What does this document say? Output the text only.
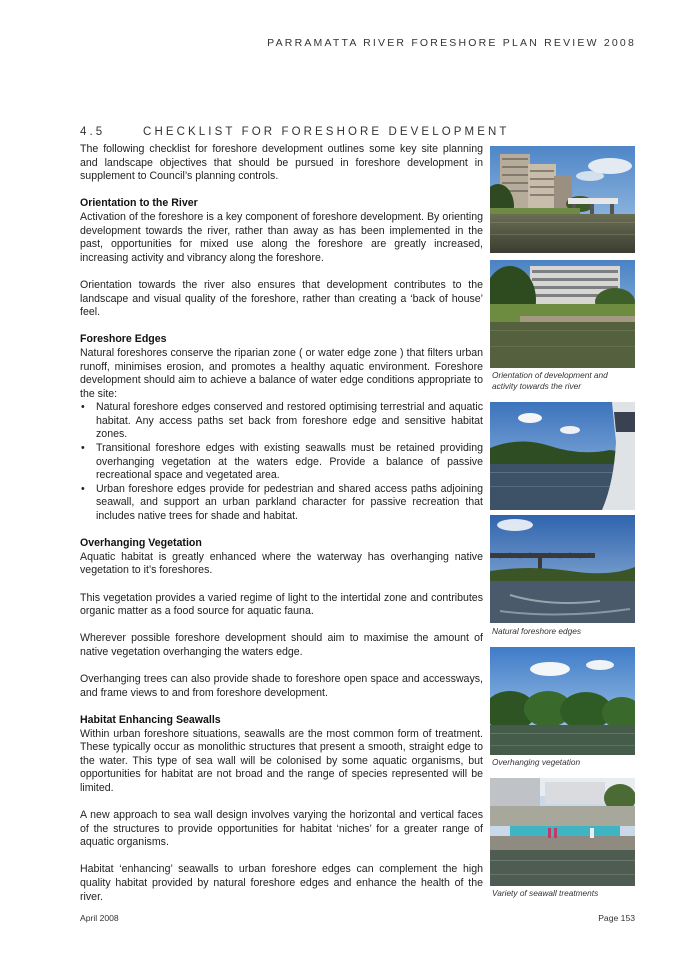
PARRAMATTA RIVER FORESHORE PLAN REVIEW 2008
4.5      CHECKLIST FOR FORESHORE DEVELOPMENT

The following checklist for foreshore development outlines some key site planning and landscape objectives that should be pursued in foreshore development in supplement to Council’s planning controls.

Orientation to the River

Activation of the foreshore is a key component of foreshore development. By orienting development towards the river, rather than away as has been implemented in the past, opportunities for mixed use along the foreshore are greatly increased, increasing activity and vibrancy along the foreshore.

Orientation towards the river also ensures that development contributes to the landscape and visual quality of the foreshore, rather than creating a ‘back of house’ feel.

Foreshore Edges

Natural foreshores conserve the riparian zone ( or water edge zone ) that filters urban runoff, minimises erosion, and promotes a healthy aquatic environment. Foreshore development should aim to achieve a balance of water edge conditions appropriate to the site:

• Natural foreshore edges conserved and restored optimising terrestrial and aquatic habitat. Any access paths set back from foreshore edge and sensitive habitat zones.
• Transitional foreshore edges with existing seawalls must be retained providing overhanging vegetation at the waters edge. Provide a balance of passive recreational space and vegetated area.
• Urban foreshore edges provide for pedestrian and shared access paths adjoining seawall, and support an urban parkland character for passive recreation that includes native trees for shade and habitat.
Overhanging Vegetation

Aquatic habitat is greatly enhanced where the waterway has overhanging native vegetation to it’s foreshores.

This vegetation provides a varied regime of light to the intertidal zone and contributes organic matter as a food source for aquatic fauna.

Wherever possible foreshore development should aim to maximise the amount of native vegetation overhanging the waters edge.

Overhanging trees can also provide shade to foreshore open space and accessways, and frame views to and from foreshore development.

Habitat Enhancing Seawalls

Within urban foreshore situations, seawalls are the most common form of treatment. These typically occur as monolithic structures that present a smooth, straight edge to the water. This type of sea wall will be colonised by some aquatic organisms, but opportunities for habitat are not broad and the range of species represented will be limited.

A new approach to sea wall design involves varying the horizontal and vertical faces of the structures to provide opportunities for habitat ‘niches’ for a greater range of aquatic organisms.

Habitat ‘enhancing’ seawalls to urban foreshore edges can complement the high quality habitat provided by natural foreshore edges and enhance the health of the river.

Orientation of development and activity towards the river
Natural foreshore edges
Overhanging vegetation
Variety of seawall treatments
April 2008	Page 153
